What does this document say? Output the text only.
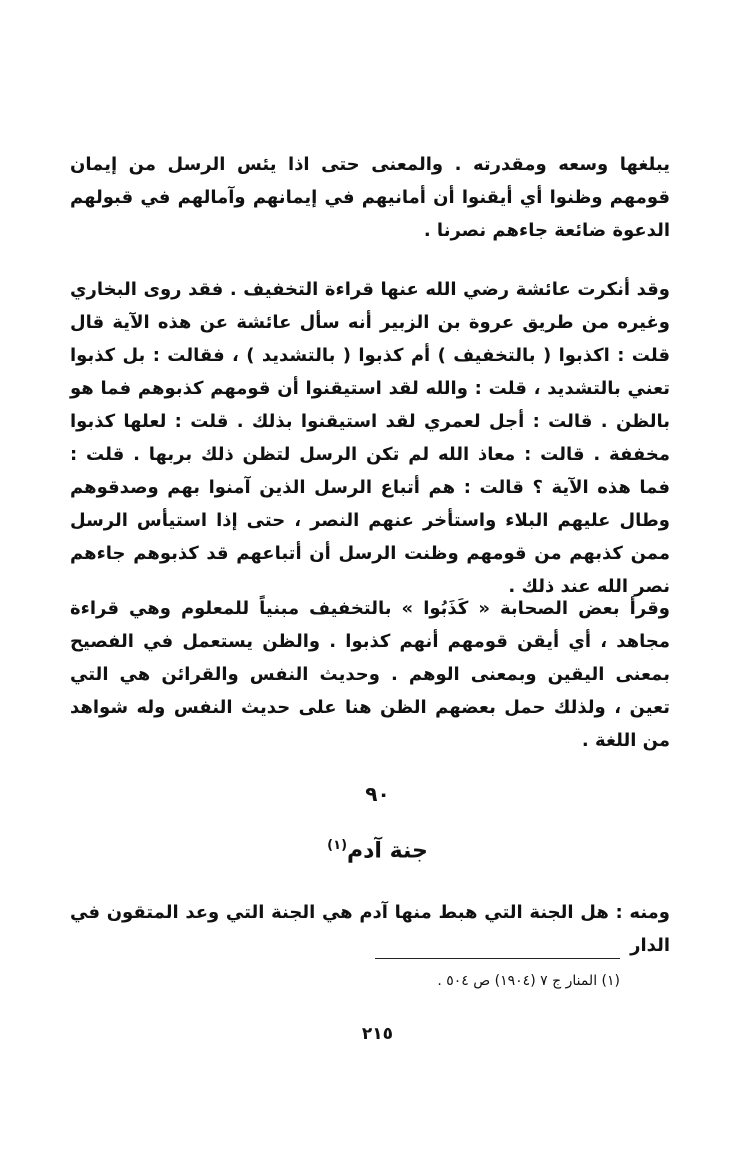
يبلغها وسعه ومقدرته . والمعنى حتى اذا يئس الرسل من إيمان قومهم وظنوا أي أيقنوا أن أمانيهم في إيمانهم وآمالهم في قبولهم الدعوة ضائعة جاءهم نصرنا .

وقد أنكرت عائشة رضي الله عنها قراءة التخفيف . فقد روى البخاري وغيره من طريق عروة بن الزبير أنه سأل عائشة عن هذه الآية قال قلت : اكذبوا ( بالتخفيف ) أم كذبوا ( بالتشديد ) ، فقالت : بل كذبوا تعني بالتشديد ، قلت : والله لقد استيقنوا أن قومهم كذبوهم فما هو بالظن . قالت : أجل لعمري لقد استيقنوا بذلك . قلت : لعلها كذبوا مخففة . قالت : معاذ الله لم تكن الرسل لتظن ذلك بربها . قلت : فما هذه الآية ؟ قالت : هم أتباع الرسل الذين آمنوا بهم وصدقوهم وطال عليهم البلاء واستأخر عنهم النصر ، حتى إذا استيأس الرسل ممن كذبهم من قومهم وظنت الرسل أن أتباعهم قد كذبوهم جاءهم نصر الله عند ذلك .

وقرأ بعض الصحابة « كَذَبُوا » بالتخفيف مبنياً للمعلوم وهي قراءة مجاهد ، أي أيقن قومهم أنهم كذبوا . والظن يستعمل في الفصيح بمعنى اليقين وبمعنى الوهم . وحديث النفس والقرائن هي التي تعين ، ولذلك حمل بعضهم الظن هنا على حديث النفس وله شواهد من اللغة .

٩٠
جنة آدم$^{(١)}$

ومنه : هل الجنة التي هبط منها آدم هي الجنة التي وعد المتقون في الدار

(١) المنار ج ٧ (١٩٠٤) ص ٥٠٤ .
٢١٥
